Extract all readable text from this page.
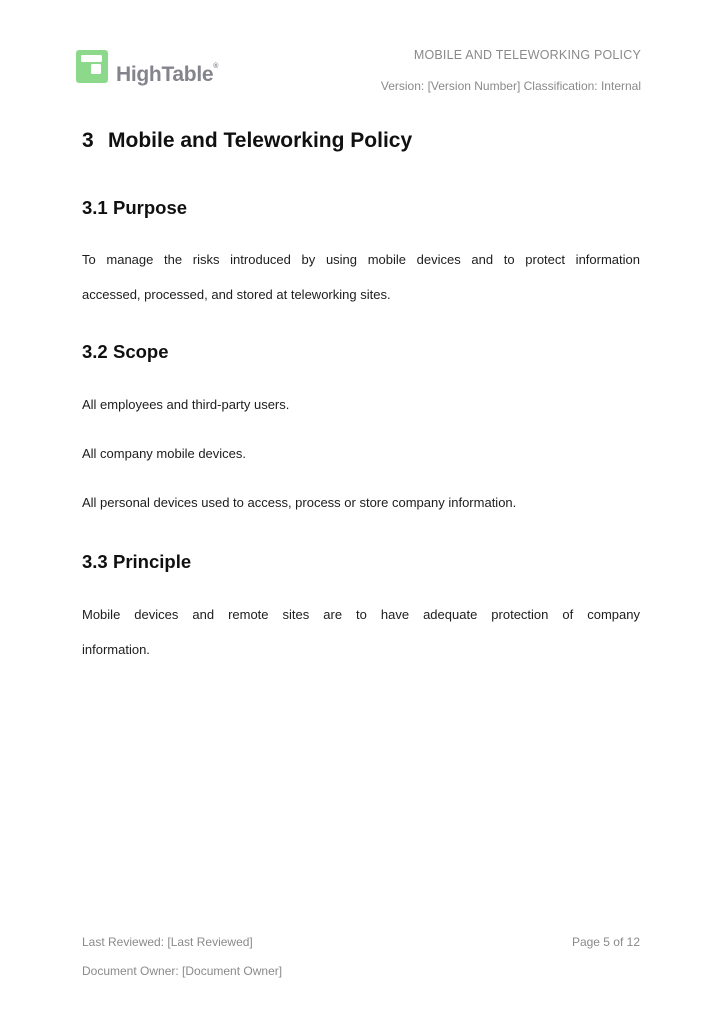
HighTable®
MOBILE AND TELEWORKING POLICY
Version: [Version Number] Classification: Internal
3 Mobile and Teleworking Policy
3.1 Purpose
To manage the risks introduced by using mobile devices and to protect information
accessed, processed, and stored at teleworking sites.
3.2 Scope
All employees and third-party users.
All company mobile devices.
All personal devices used to access, process or store company information.
3.3 Principle
Mobile devices and remote sites are to have adequate protection of company
information.
Last Reviewed: [Last Reviewed]
Document Owner: [Document Owner]
Page 5 of 12
